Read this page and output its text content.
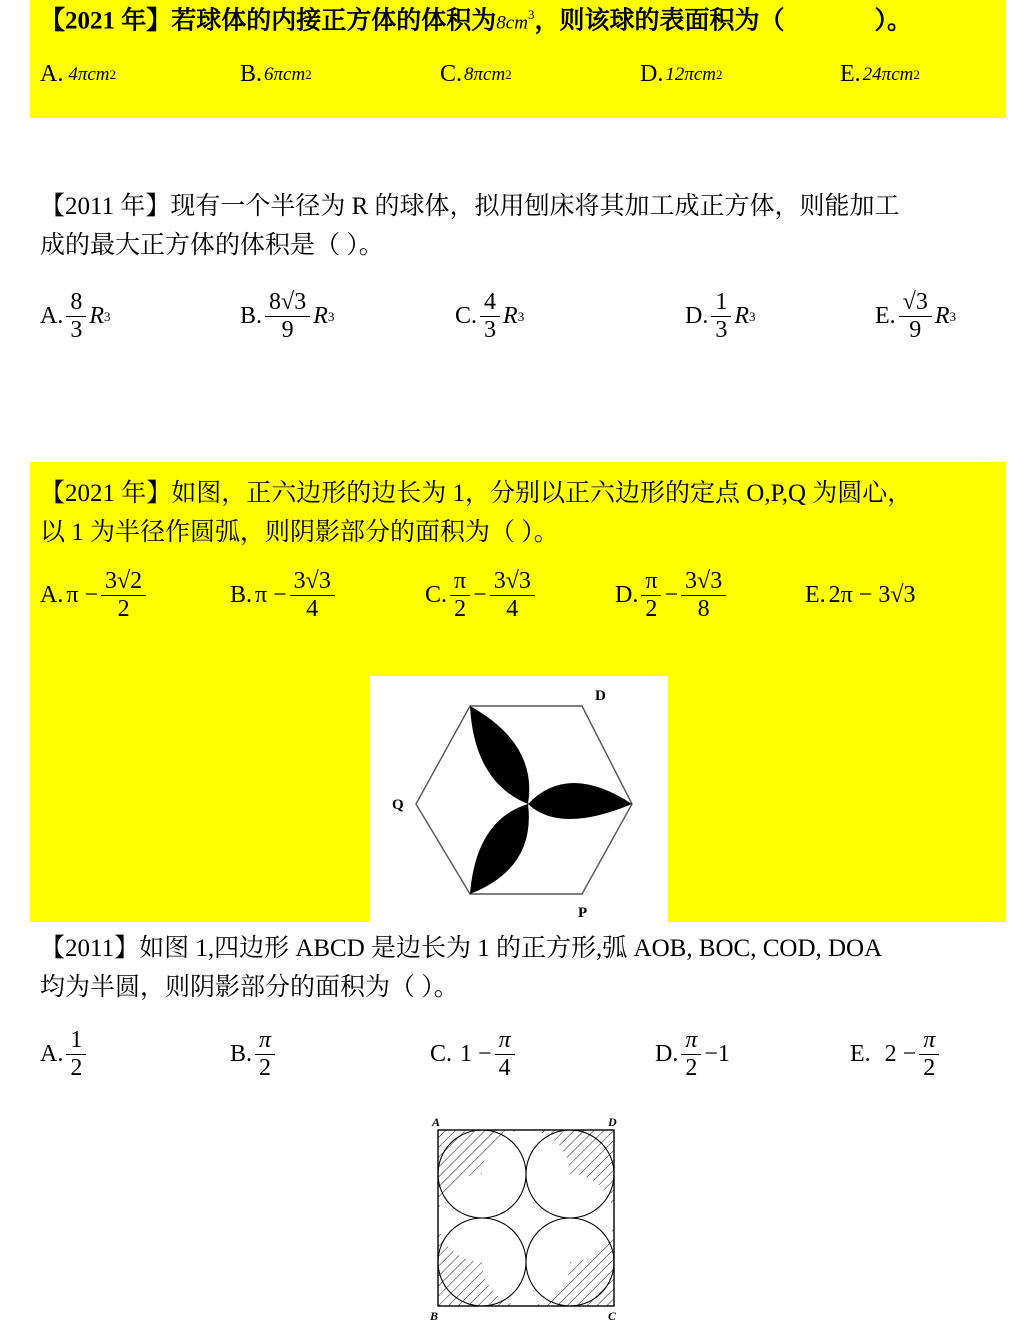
【2021 年】若球体的内接正方体的体积为$8cm^3$，则该球的表面积为（	）。
A. 4πcm 2	B. 6πcm 2	C. 8πcm 2	D. 12πcm 2	E. 24πcm 2
【2011 年】现有一个半径为 R 的球体，拟用刨床将其加工成正方体，则能加工
成的最大正方体的体积是（ ）。
A. $\frac{8}{3}$ R 3	B. $\frac{8√3}{9}$ R 3	C. $\frac{4}{3}$ R 3	D. $\frac{1}{3}$ R 3	E. $\frac{√3}{9}$ R 3
【2021 年】如图，正六边形的边长为 1，分别以正六边形的定点 O,P,Q 为圆心，
以 1 为半径作圆弧，则阴影部分的面积为（ ）。
A. $\pi - \frac{3√2}{2}$	B. $\pi - \frac{3√3}{4}$	C. $\frac{\pi}{2} - \frac{3√3}{4}$	D. $\frac{\pi}{2} - \frac{3√3}{8}$	E. 2π − 3√3
D
Q
P
【2011】如图 1,四边形 ABCD 是边长为 1 的正方形,弧 AOB, BOC, COD, DOA
均为半圆，则阴影部分的面积为（ ）。
A. $\frac{1}{2}$	B. $\frac{\pi}{2}$	C. $1 - \frac{\pi}{4}$	D. $\frac{\pi}{2} -1$	E. $2 - \frac{\pi}{2}$
A	D
B	C
